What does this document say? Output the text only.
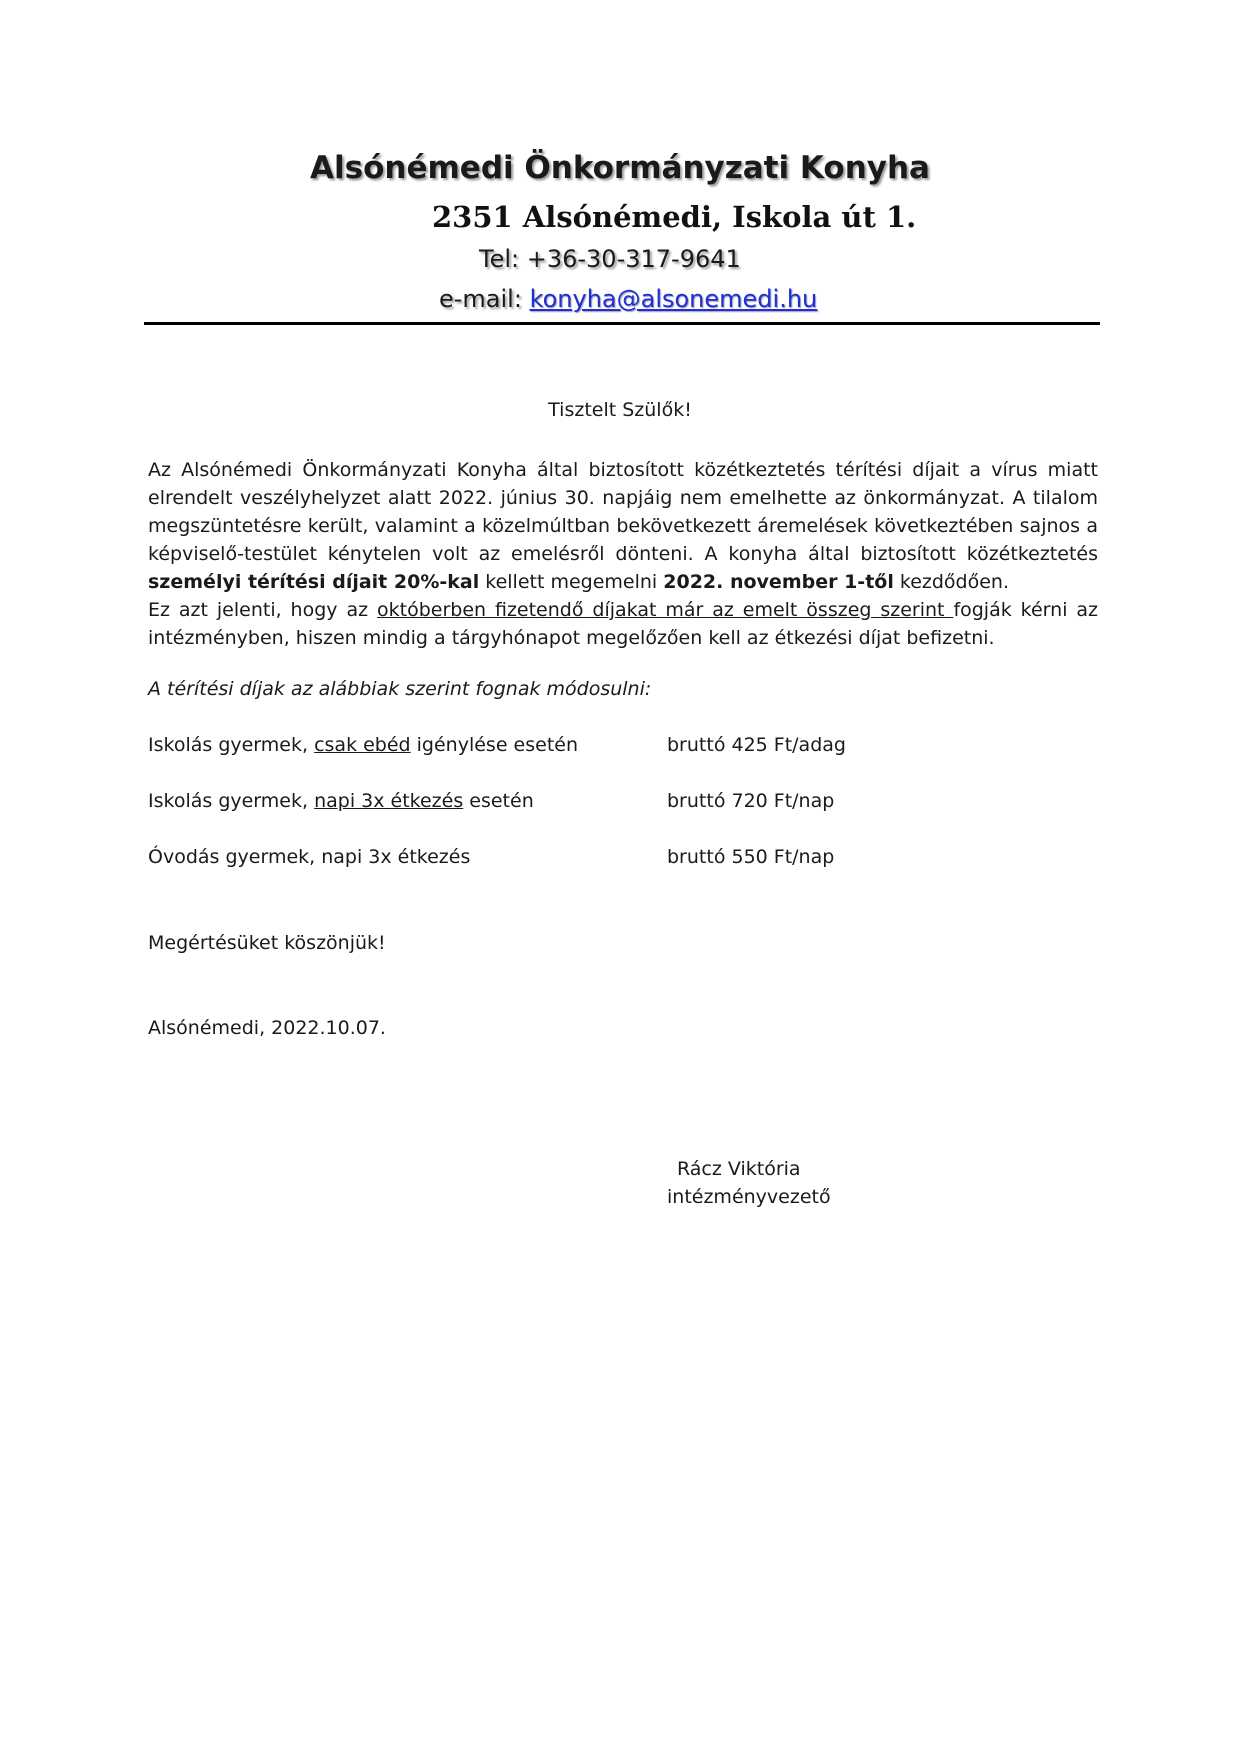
Alsónémedi Önkormányzati Konyha
2351 Alsónémedi, Iskola út 1.
Tel: +36-30-317-9641
e-mail: konyha@alsonemedi.hu
Tisztelt Szülők!
Az Alsónémedi Önkormányzati Konyha által biztosított közétkeztetés térítési díjait a vírus miatt elrendelt veszélyhelyzet alatt 2022. június 30. napjáig nem emelhette az önkormányzat. A tilalom megszüntetésre került, valamint a közelmúltban bekövetkezett áremelések következtében sajnos a képviselő-testület kénytelen volt az emelésről dönteni. A konyha által biztosított közétkeztetés személyi térítési díjait 20%-kal kellett megemelni 2022. november 1-től kezdődően.
Ez azt jelenti, hogy az októberben fizetendő díjakat már az emelt összeg szerint fogják kérni az intézményben, hiszen mindig a tárgyhónapot megelőzően kell az étkezési díjat befizetni.
A térítési díjak az alábbiak szerint fognak módosulni:
Iskolás gyermek, csak ebéd igénylése esetén	bruttó 425 Ft/adag
Iskolás gyermek, napi 3x étkezés esetén	bruttó 720 Ft/nap
Óvodás gyermek, napi 3x étkezés	bruttó 550 Ft/nap
Megértésüket köszönjük!
Alsónémedi, 2022.10.07.
Rácz Viktória
intézményvezető
